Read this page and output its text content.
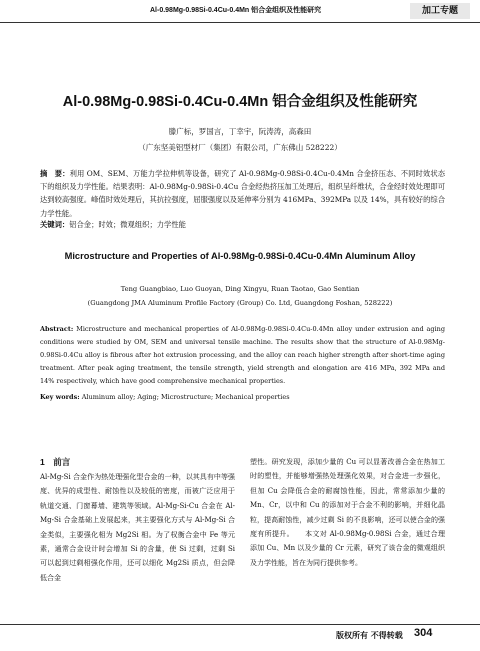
Al-0.98Mg-0.98Si-0.4Cu-0.4Mn 铝合金组织及性能研究	加工专题
Al-0.98Mg-0.98Si-0.4Cu-0.4Mn 铝合金组织及性能研究
滕广标，罗国言，丁幸宇，阮涛涛，高森田
（广东坚美铝型材厂（集团）有限公司，广东佛山 528222）
摘　要：利用 OM、SEM、万能力学拉伸机等设备，研究了 Al-0.98Mg-0.98Si-0.4Cu-0.4Mn 合金挤压态、不同时效状态下的组织及力学性能。结果表明：Al-0.98Mg-0.98Si-0.4Cu 合金经热挤压加工处理后，组织呈纤维状，合金经时效处理即可达到较高强度。峰值时效处理后，其抗拉强度，屈服强度以及延伸率分别为 416MPa、392MPa 以及 14%，具有较好的综合力学性能。
关键词：铝合金；时效；微观组织；力学性能
Microstructure and Properties of Al-0.98Mg-0.98Si-0.4Cu-0.4Mn Aluminum Alloy
Teng Guangbiao, Luo Guoyan, Ding Xingyu, Ruan Taotao, Gao Sentian
(Guangdong JMA Aluminum Profile Factory (Group) Co. Ltd, Guangdong Foshan, 528222)
Abstract: Microstructure and mechanical properties of Al-0.98Mg-0.98Si-0.4Cu-0.4Mn alloy under extrusion and aging conditions were studied by OM, SEM and universal tensile machine. The results show that the structure of Al-0.98Mg-0.98Si-0.4Cu alloy is fibrous after hot extrusion processing, and the alloy can reach higher strength after short-time aging treatment. After peak aging treatment, the tensile strength, yield strength and elongation are 416 MPa, 392 MPa and 14% respectively, which have good comprehensive mechanical properties.
Key words: Aluminum alloy; Aging; Microstructure; Mechanical properties
1　前言
Al-Mg-Si 合金作为热处理强化型合金的一种，以其具有中等强度、优异的成型性、耐蚀性以及较低的密度，而被广泛应用于轨道交通、门窗幕墙、建筑等领域。Al-Mg-Si-Cu 合金在 Al-Mg-Si 合金基础上发展起来，其主要强化方式与 Al-Mg-Si 合金类似，主要强化相为 Mg2Si 相。为了权衡合金中 Fe 等元素，通常合金设计时会增加 Si 的含量，使 Si 过剩，过剩 Si 可以起到过剩相强化作用，还可以细化 Mg2Si 质点，但会降低合金
塑性。研究发现，添加少量的 Cu 可以显著改善合金在热加工时的塑性，并能够增强热处理强化效果，对合金进一步强化，但加 Cu 会降低合金的耐腐蚀性能，因此，常常添加少量的 Mn、Cr，以中和 Cu 的添加对于合金不利的影响，并细化晶粒，提高耐蚀性，减少过剩 Si 的不良影响，还可以使合金的强度有所提升。　　本文对 Al-0.98Mg-0.98Si 合金，通过合理添加 Cu、Mn 以及少量的 Cr 元素，研究了该合金的微观组织及力学性能，旨在为同行提供参考。
版权所有 不得转载 304
